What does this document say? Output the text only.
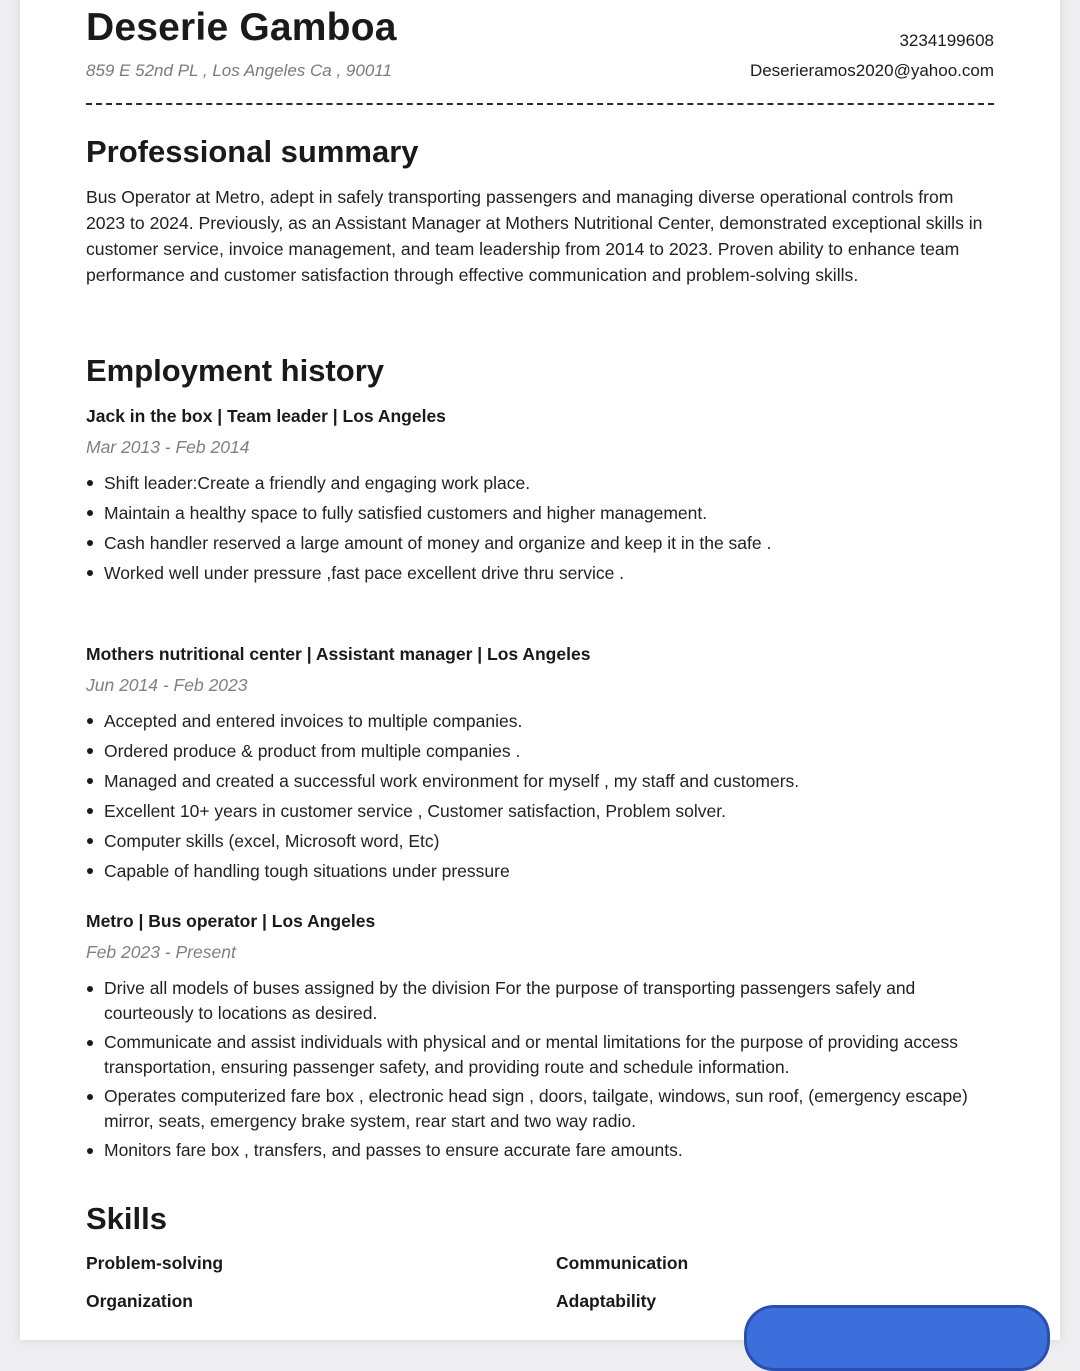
Deserie Gamboa
859 E 52nd PL , Los Angeles Ca , 90011
3234199608
Deserieramos2020@yahoo.com
Professional summary

Bus Operator at Metro, adept in safely transporting passengers and managing diverse operational controls from 2023 to 2024. Previously, as an Assistant Manager at Mothers Nutritional Center, demonstrated exceptional skills in customer service, invoice management, and team leadership from 2014 to 2023. Proven ability to enhance team performance and customer satisfaction through effective communication and problem-solving skills.

Employment history
Jack in the box | Team leader | Los Angeles
Mar 2013 - Feb 2014
Shift leader:Create a friendly and engaging work place.
Maintain a healthy space to fully satisfied customers and higher management.
Cash handler reserved a large amount of money and organize and keep it in the safe .
Worked well under pressure ,fast pace excellent drive thru service .
Mothers nutritional center | Assistant manager | Los Angeles
Jun 2014 - Feb 2023
Accepted and entered invoices to multiple companies.
Ordered produce & product from multiple companies .
Managed and created a successful work environment for myself , my staff and customers.
Excellent 10+ years in customer service , Customer satisfaction, Problem solver.
Computer skills (excel, Microsoft word, Etc)
Capable of handling tough situations under pressure
Metro | Bus operator | Los Angeles
Feb 2023 - Present
Drive all models of buses assigned by the division For the purpose of transporting passengers safely and courteously to locations as desired.
Communicate and assist individuals with physical and or mental limitations for the purpose of providing access transportation, ensuring passenger safety, and providing route and schedule information.
Operates computerized fare box , electronic head sign , doors, tailgate, windows, sun roof, (emergency escape) mirror, seats, emergency brake system, rear start and two way radio.
Monitors fare box , transfers, and passes to ensure accurate fare amounts.
Skills
Problem-solving	Communication
Organization	Adaptability
